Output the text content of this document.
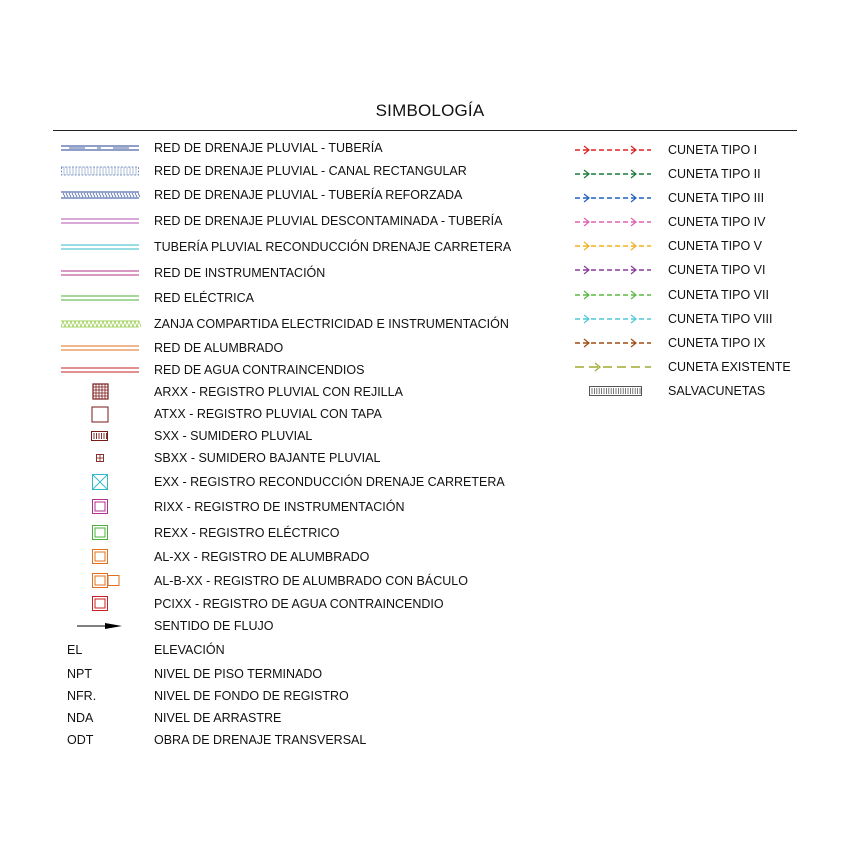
SIMBOLOGÍA
RED DE DRENAJE PLUVIAL - TUBERÍA
RED DE DRENAJE PLUVIAL - CANAL RECTANGULAR
RED DE DRENAJE PLUVIAL - TUBERÍA REFORZADA
RED DE DRENAJE PLUVIAL DESCONTAMINADA - TUBERÍA
TUBERÍA PLUVIAL RECONDUCCIÓN DRENAJE CARRETERA
RED DE INSTRUMENTACIÓN
RED ELÉCTRICA
ZANJA COMPARTIDA ELECTRICIDAD E INSTRUMENTACIÓN
RED DE ALUMBRADO
RED DE AGUA CONTRAINCENDIOS
ARXX - REGISTRO PLUVIAL CON REJILLA
ATXX - REGISTRO PLUVIAL CON TAPA
SXX - SUMIDERO PLUVIAL
SBXX - SUMIDERO BAJANTE PLUVIAL
EXX - REGISTRO RECONDUCCIÓN DRENAJE CARRETERA
RIXX - REGISTRO DE INSTRUMENTACIÓN
REXX - REGISTRO ELÉCTRICO
AL-XX - REGISTRO DE ALUMBRADO
AL-B-XX - REGISTRO DE ALUMBRADO CON BÁCULO
PCIXX - REGISTRO DE AGUA CONTRAINCENDIO
SENTIDO DE FLUJO
EL	ELEVACIÓN
NPT	NIVEL DE PISO TERMINADO
NFR.	NIVEL DE FONDO DE REGISTRO
NDA	NIVEL DE ARRASTRE
ODT	OBRA DE DRENAJE TRANSVERSAL
CUNETA TIPO I
CUNETA TIPO II
CUNETA TIPO III
CUNETA TIPO IV
CUNETA TIPO V
CUNETA TIPO VI
CUNETA TIPO VII
CUNETA TIPO VIII
CUNETA TIPO IX
CUNETA EXISTENTE
SALVACUNETAS
